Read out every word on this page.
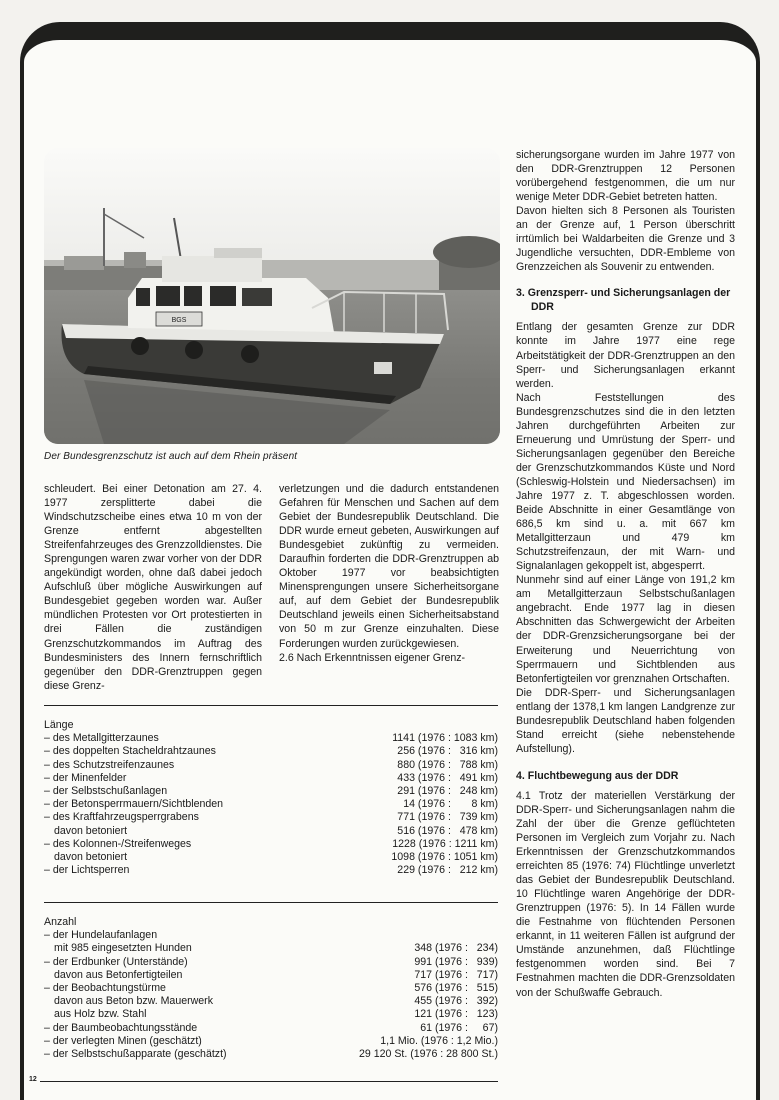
BGS
Der Bundesgrenzschutz ist auch auf dem Rhein präsent

schleudert. Bei einer Detonation am 27. 4. 1977 zersplitterte dabei die Windschutzscheibe eines etwa 10 m von der Grenze entfernt abgestellten Streifenfahrzeuges des Grenzzolldienstes. Die Sprengungen waren zwar vorher von der DDR angekündigt worden, ohne daß dabei jedoch Aufschluß über mögliche Auswirkungen auf Bundesgebiet gegeben worden war. Außer mündlichen Protesten vor Ort protestierten in drei Fällen die zuständigen Grenzschutzkommandos im Auftrag des Bundesministers des Innern fernschriftlich gegenüber den DDR-Grenztruppen gegen diese Grenz-

verletzungen und die dadurch entstandenen Gefahren für Menschen und Sachen auf dem Gebiet der Bundesrepublik Deutschland. Die DDR wurde erneut gebeten, Auswirkungen auf Bundesgebiet zukünftig zu vermeiden. Daraufhin forderten die DDR-Grenztruppen ab Oktober 1977 vor beabsichtigten Minensprengungen unsere Sicherheitsorgane auf, auf dem Gebiet der Bundesrepublik Deutschland jeweils einen Sicherheitsabstand von 50 m zur Grenze einzuhalten. Diese Forderungen wurden zurückgewiesen.

2.6 Nach Erkenntnissen eigener Grenz-

Länge
– des Metallgitterzaunes	1141 (1976 : 1083 km)
– des doppelten Stacheldrahtzaunes	256 (1976 :   316 km)
– des Schutzstreifenzaunes	880 (1976 :   788 km)
– der Minenfelder	433 (1976 :   491 km)
– der Selbstschußanlagen	291 (1976 :   248 km)
– der Betonsperrmauern/Sichtblenden	14 (1976 :       8 km)
– des Kraftfahrzeugsperrgrabens	771 (1976 :   739 km)
davon betoniert	516 (1976 :   478 km)
– des Kolonnen-/Streifenweges	1228 (1976 : 1211 km)
davon betoniert	1098 (1976 : 1051 km)
– der Lichtsperren	229 (1976 :   212 km)
Anzahl
– der Hundelaufanlagen
mit 985 eingesetzten Hunden	348 (1976 :   234)
– der Erdbunker (Unterstände)	991 (1976 :   939)
davon aus Betonfertigteilen	717 (1976 :   717)
– der Beobachtungstürme	576 (1976 :   515)
davon aus Beton bzw. Mauerwerk	455 (1976 :   392)
aus Holz bzw. Stahl	121 (1976 :   123)
– der Baumbeobachtungsstände	61 (1976 :     67)
– der verlegten Minen (geschätzt)	1,1 Mio. (1976 : 1,2 Mio.)
– der Selbstschußapparate (geschätzt)	29 120 St. (1976 : 28 800 St.)

sicherungsorgane wurden im Jahre 1977 von den DDR-Grenztruppen 12 Personen vorübergehend festgenommen, die um nur wenige Meter DDR-Gebiet betreten hatten.

Davon hielten sich 8 Personen als Touristen an der Grenze auf, 1 Person überschritt irrtümlich bei Waldarbeiten die Grenze und 3 Jugendliche versuchten, DDR-Embleme von Grenzzeichen als Souvenir zu entwenden.

3. Grenzsperr- und Sicherungsanlagen der DDR

Entlang der gesamten Grenze zur DDR konnte im Jahre 1977 eine rege Arbeitstätigkeit der DDR-Grenztruppen an den Sperr- und Sicherungsanlagen erkannt werden.

Nach Feststellungen des Bundesgrenzschutzes sind die in den letzten Jahren durchgeführten Arbeiten zur Erneuerung und Umrüstung der Sperr- und Sicherungsanlagen gegenüber den Bereiche der Grenzschutzkommandos Küste und Nord (Schleswig-Holstein und Niedersachsen) im Jahre 1977 z. T. abgeschlossen worden. Beide Abschnitte in einer Gesamtlänge von 686,5 km sind u. a. mit 667 km Metallgitterzaun und 479 km Schutzstreifenzaun, der mit Warn- und Signalanlagen gekoppelt ist, abgesperrt.

Nunmehr sind auf einer Länge von 191,2 km am Metallgitterzaun Selbstschußanlagen angebracht. Ende 1977 lag in diesen Abschnitten das Schwergewicht der Arbeiten der DDR-Grenzsicherungsorgane bei der Erweiterung und Neuerrichtung von Sperrmauern und Sichtblenden aus Betonfertigteilen vor grenznahen Ortschaften.

Die DDR-Sperr- und Sicherungsanlagen entlang der 1378,1 km langen Landgrenze zur Bundesrepublik Deutschland haben folgenden Stand erreicht (siehe nebenstehende Aufstellung).

4. Fluchtbewegung aus der DDR

4.1 Trotz der materiellen Verstärkung der DDR-Sperr- und Sicherungsanlagen nahm die Zahl der über die Grenze geflüchteten Personen im Vergleich zum Vorjahr zu. Nach Erkenntnissen der Grenzschutzkommandos erreichten 85 (1976: 74) Flüchtlinge unverletzt das Gebiet der Bundesrepublik Deutschland. 10 Flüchtlinge waren Angehörige der DDR-Grenztruppen (1976: 5). In 14 Fällen wurde die Festnahme von flüchtenden Personen erkannt, in 11 weiteren Fällen ist aufgrund der Umstände anzunehmen, daß Flüchtlinge festgenommen worden sind. Bei 7 Festnahmen machten die DDR-Grenzsoldaten von der Schußwaffe Gebrauch.

12
